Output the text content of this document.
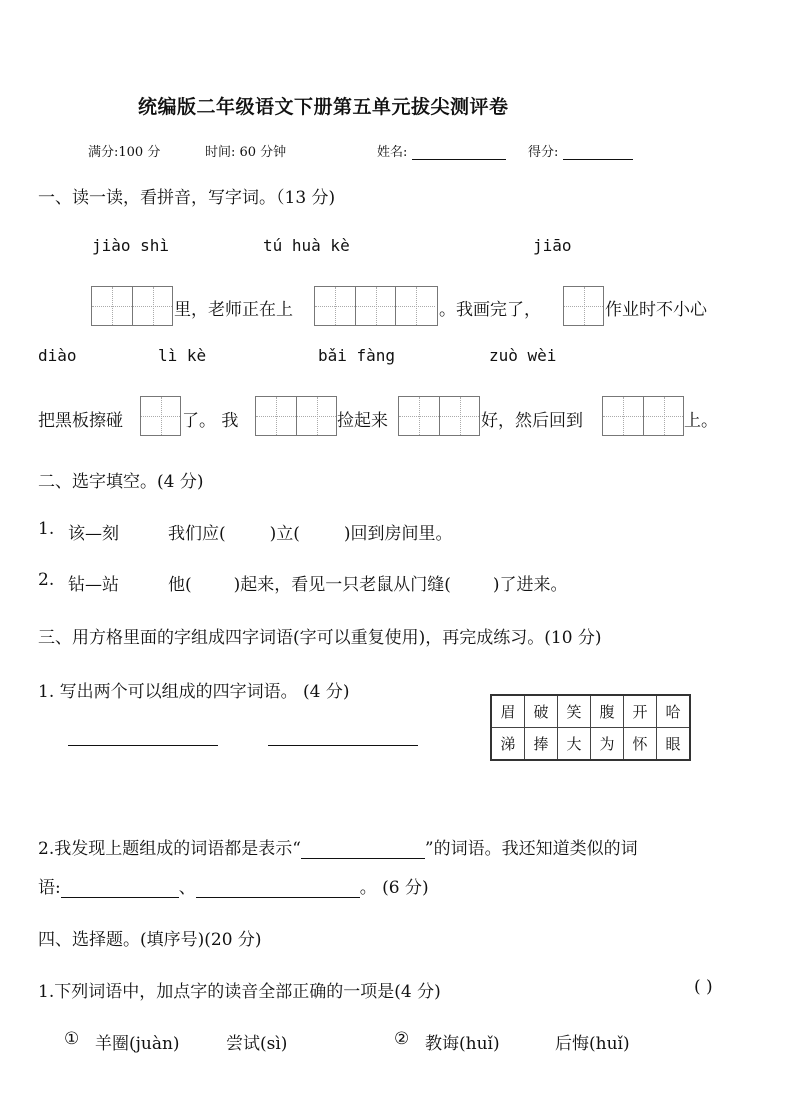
统编版二年级语文下册第五单元拔尖测评卷
满分:100 分	时间: 60 分钟	姓名:	得分:
一、读一读，看拼音，写字词。（13 分)
jiào shì	tú huà kè	jiāo
里，老师正在上	。我画完了，	作业时不小心
diào	lì kè	bǎi fàng	zuò wèi
把黑板擦碰	了。 我	捡起来	好，然后回到	上。
二、选字填空。(4 分)
1. 该—刻	我们应(	)立(	)回到房间里。
2. 钻—站	他( )起来，看见一只老鼠从门缝( )了进来。
三、用方格里面的字组成四字词语(字可以重复使用)，再完成练习。(10 分)
1. 写出两个可以组成的四字词语。 (4 分)
眉	破	笑	腹	开	哈
涕	捧	大	为	怀	眼
2.我发现上题组成的词语都是表示“	”的词语。我还知道类似的词
语:	、	。 (6 分)
四、选择题。(填序号)(20 分)
1.下列词语中，加点字的读音全部正确的一项是(4 分)	( )
① 羊圈(juàn)	尝试(sì)	② 教诲(huǐ)	后悔(huǐ)
